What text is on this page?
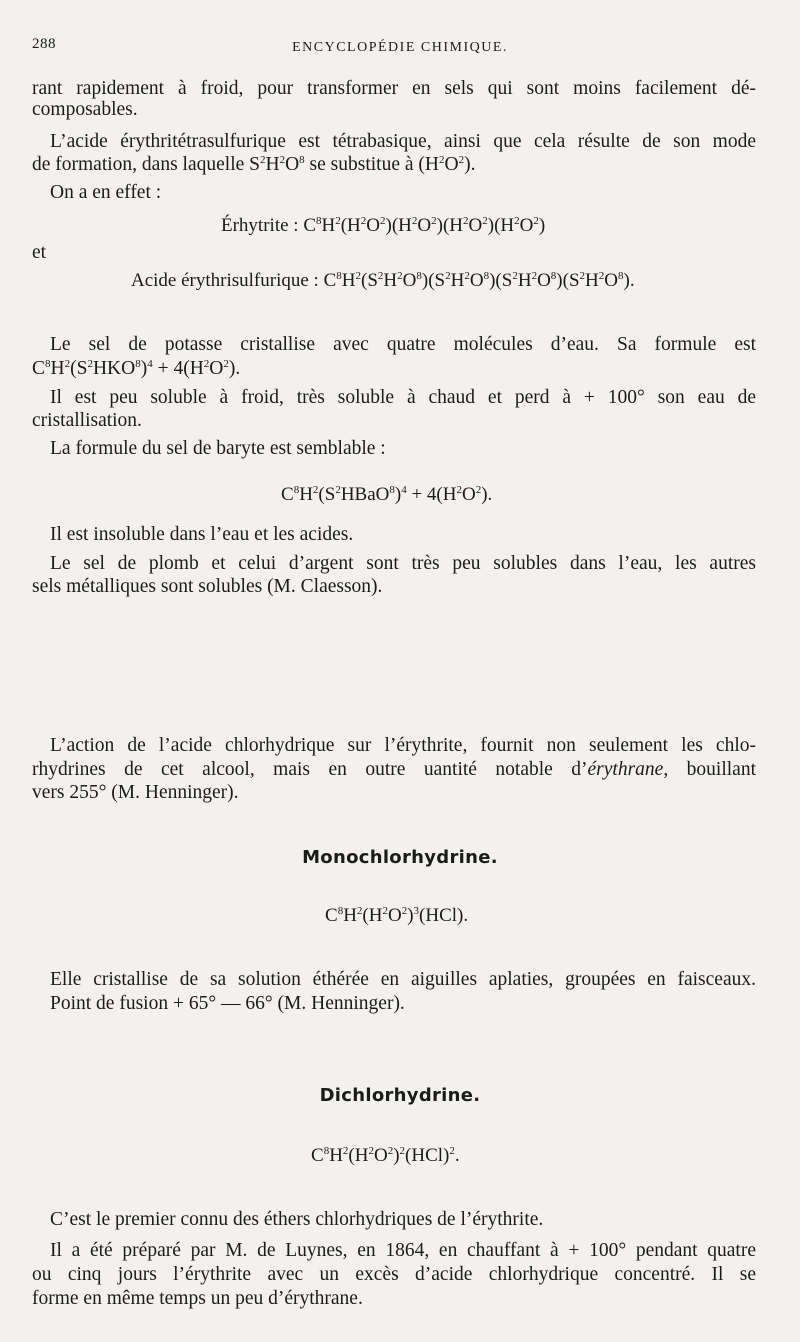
288	ENCYCLOPÉDIE CHIMIQUE.
rant rapidement à froid, pour transformer en sels qui sont moins facilement dé-
composables.
L’acide érythritétrasulfurique est tétrabasique, ainsi que cela résulte de son mode
de formation, dans laquelle $S^2H^2O^8$ se substitue à $(H^2O^2)$.
On a en effet :
Érhytrite : $C^8H^2(H^2O^2)(H^2O^2)(H^2O^2)(H^2O^2)$
et
Acide érythrisulfurique : $C^8H^2(S^2H^2O^8)(S^2H^2O^8)(S^2H^2O^8)(S^2H^2O^8)$.
Le sel de potasse cristallise avec quatre molécules d’eau. Sa formule est
$C^8H^2(S^2HKO^8)^4 + 4(H^2O^2)$.
Il est peu soluble à froid, très soluble à chaud et perd à + 100° son eau de
cristallisation.
La formule du sel de baryte est semblable :
$C^8H^2(S^2HBaO^8)^4 + 4(H^2O^2)$.
Il est insoluble dans l’eau et les acides.
Le sel de plomb et celui d’argent sont très peu solubles dans l’eau, les autres
sels métalliques sont solubles (M. Claesson).
L’action de l’acide chlorhydrique sur l’érythrite, fournit non seulement les chlo-
rhydrines de cet alcool, mais en outre uantité notable d’érythrane, bouillant
vers 255° (M. Henninger).
Monochlorhydrine.
$C^8H^2(H^2O^2)^3(HCl)$.
Elle cristallise de sa solution éthérée en aiguilles aplaties, groupées en faisceaux.
Point de fusion + 65° — 66° (M. Henninger).
Dichlorhydrine.
$C^8H^2(H^2O^2)^2(HCl)^2$.
C’est le premier connu des éthers chlorhydriques de l’érythrite.
Il a été préparé par M. de Luynes, en 1864, en chauffant à + 100° pendant quatre
ou cinq jours l’érythrite avec un excès d’acide chlorhydrique concentré. Il se
forme en même temps un peu d’érythrane.
